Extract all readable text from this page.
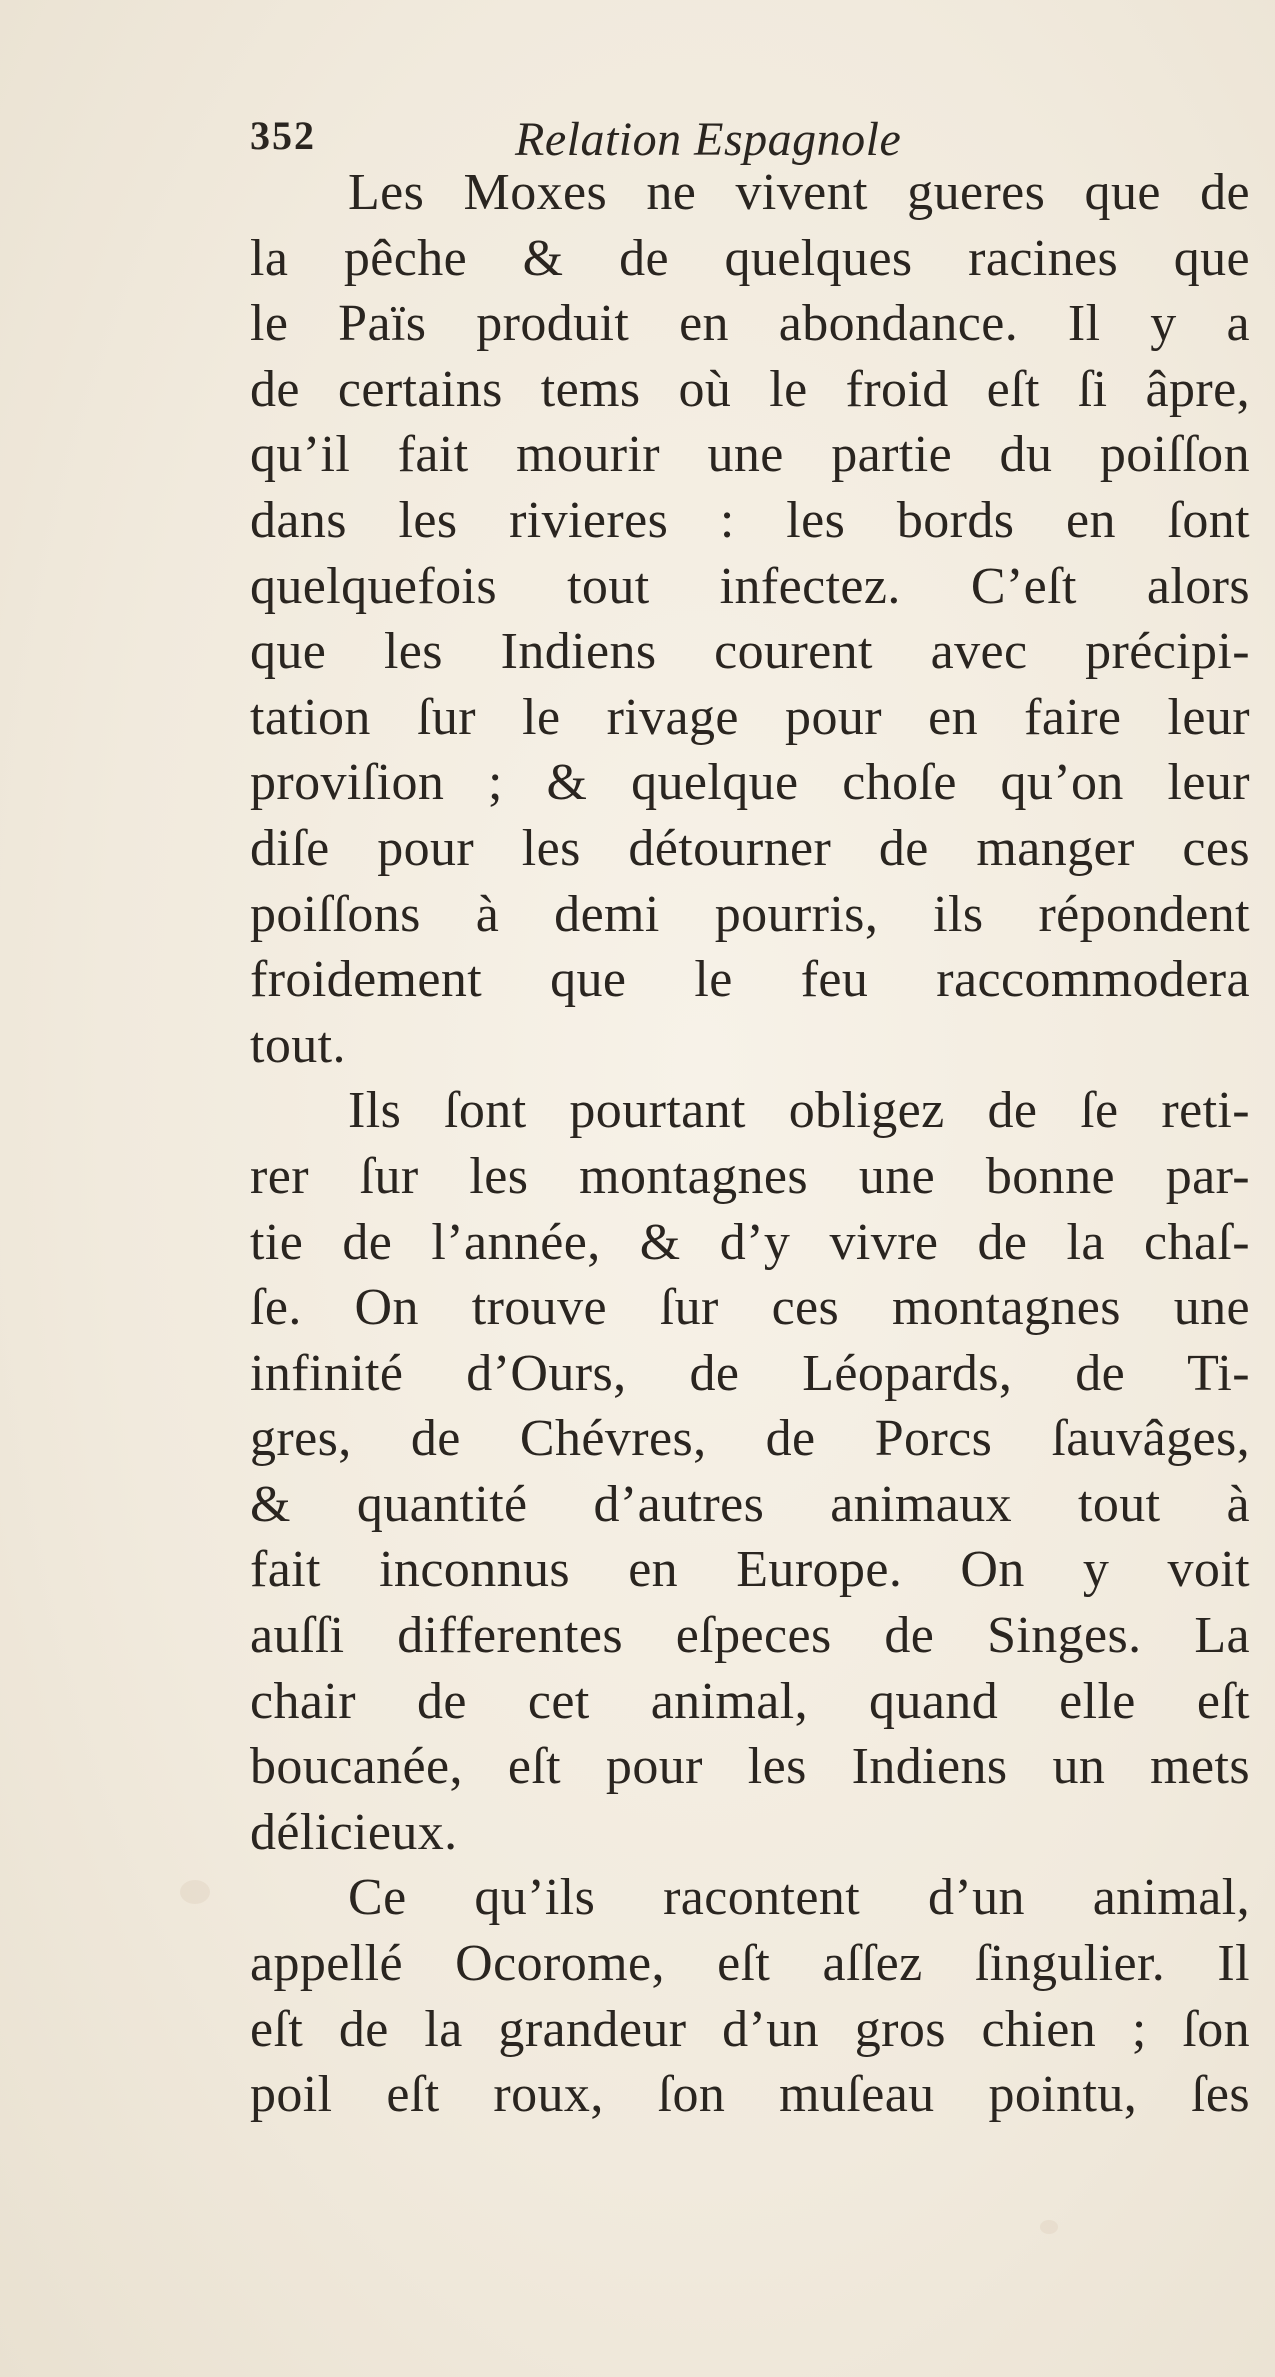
352	Relation Espagnole
Les Moxes ne vivent gueres que de
la pêche & de quelques racines que
le Païs produit en abondance. Il y a
de certains tems où le froid eſt ſi âpre,
qu’il fait mourir une partie du poiſſon
dans les rivieres : les bords en ſont
quelquefois tout infectez. C’eſt alors
que les Indiens courent avec précipi-
tation ſur le rivage pour en faire leur
proviſion ; & quelque choſe qu’on leur
diſe pour les détourner de manger ces
poiſſons à demi pourris, ils répondent
froidement que le feu raccommodera
tout.
Ils ſont pourtant obligez de ſe reti-
rer ſur les montagnes une bonne par-
tie de l’année, & d’y vivre de la chaſ-
ſe. On trouve ſur ces montagnes une
infinité d’Ours, de Léopards, de Ti-
gres, de Chévres, de Porcs ſauvâges,
& quantité d’autres animaux tout à
fait inconnus en Europe. On y voit
auſſi differentes eſpeces de Singes. La
chair de cet animal, quand elle eſt
boucanée, eſt pour les Indiens un mets
délicieux.
Ce qu’ils racontent d’un animal,
appellé Ocorome, eſt aſſez ſingulier. Il
eſt de la grandeur d’un gros chien ; ſon
poil eſt roux, ſon muſeau pointu, ſes
